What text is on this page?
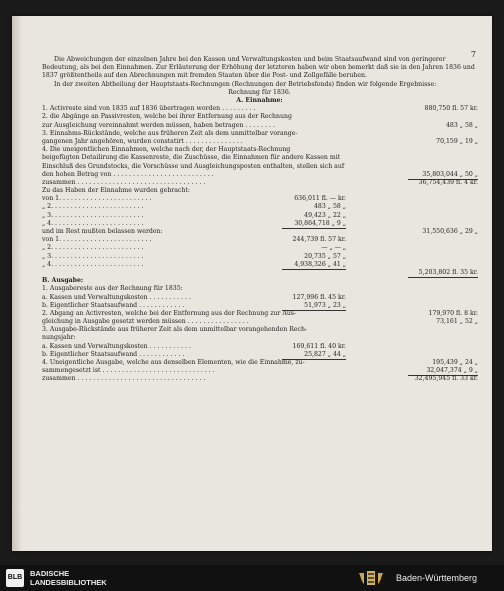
7

Die Abweichungen der einzelnen Jahre bei den Kassen und Verwaltungskosten und beim Staatsaufwand sind von geringerer Bedeutung, als bei den Einnahmen. Zur Erläuterung der Erhöhung der letzteren haben wir oben bemerkt daß sie in den Jahren 1836 und 1837 größtentheils auf den Abrechnungen mit fremden Staaten über die Post- und Zollgefälle beruhen.

In der zweiten Abtheilung der Hauptstaats-Rechnungen (Rechnungen der Betriebsfonds) finden wir folgende Ergebnisse:

Rechnung für 1836.
A. Einnahme:
1. Activreste sind von 1835 auf 1836 übertragen worden . . . . . . . . .	880,750 fl. 57 kr.
2. die Abgänge an Passivresten, welche bei ihrer Entfernung aus der Rechnung
zur Ausgleichung vereinnahmt werden müssen, haben betragen . . . . . . . .	483 „ 58 „
3. Einnahms-Rückstände, welche aus früheren Zeit als dem unmittelbar vorange-
gangenen Jahr angehören, wurden constatirt . . . . . . . . . . . . . . .	70,159 „ 19 „
4. Die uneigentlichen Einnahmen, welche nach der, der Hauptstaats-Rechnung
beigefügten Detailirung die Kassenreste, die Zuschüsse, die Einnahmen für andere Kassen mit
Einschluß des Grundstocks, die Vorschüsse und Ausgleichungsposten enthalten, stellen sich auf
den hohen Betrag von . . . . . . . . . . . . . . . . . . . . . . . . . .	35,803,044 „ 50 „
zusammen . . . . . . . . . . . . . . . . . . . . . . . . . . . . . . . . .	36,754,439 fl. 4 kr.
Zu das Haben der Einnahme wurden gebracht:
von 1. . . . . . . . . . . . . . . . . . . . . . . .	636,011 fl. — kr.
„ 2. . . . . . . . . . . . . . . . . . . . . . . .	483 „ 58 „
„ 3. . . . . . . . . . . . . . . . . . . . . . . .	49,423 „ 22 „
„ 4. . . . . . . . . . . . . . . . . . . . . . . .	30,864,718 „ 9 „
und im Rest mußten belassen werden:	31,550,636 „ 29 „
von 1. . . . . . . . . . . . . . . . . . . . . . . .	244,739 fl. 57 kr.
„ 2. . . . . . . . . . . . . . . . . . . . . . . .	— „ — „
„ 3. . . . . . . . . . . . . . . . . . . . . . . .	20,735 „ 57 „
„ 4. . . . . . . . . . . . . . . . . . . . . . . .	4,938,326 „ 41 „
5,203,802 fl. 35 kr.
B. Ausgabe:
1. Ausgabereste aus der Rechnung für 1835:
a. Kassen und Verwaltungskosten . . . . . . . . . . .	127,996 fl. 45 kr.
b. Eigentlicher Staatsaufwand . . . . . . . . . . . .	51,973 „ 23 „
2. Abgang an Activresten, welche bei der Entfernung aus der Rechnung zur Aus-	179,970 fl. 8 kr.
gleichung in Ausgabe gesetzt werden müssen . . . . . . . . . . . . . . . .	73,161 „ 52 „
3. Ausgabe-Rückstände aus früherer Zeit als dem unmittelbar vorangehenden Rech-
nungsjahr:
a. Kassen und Verwaltungskosten . . . . . . . . . . .	169,611 fl. 40 kr.
b. Eigentlicher Staatsaufwand . . . . . . . . . . . .	25,827 „ 44 „
4. Uneigentliche Ausgabe, welche aus denselben Elementen, wie die Einnahme, zu-	195,439 „ 24 „
sammengesetzt ist . . . . . . . . . . . . . . . . . . . . . . . . . . . . .	32,047,374 „ 9 „
zusammen . . . . . . . . . . . . . . . . . . . . . . . . . . . . . . . . .	32,495,945 fl. 33 kr.
BLB BADISCHE
LANDESBIBLIOTHEK	Baden-Württemberg
